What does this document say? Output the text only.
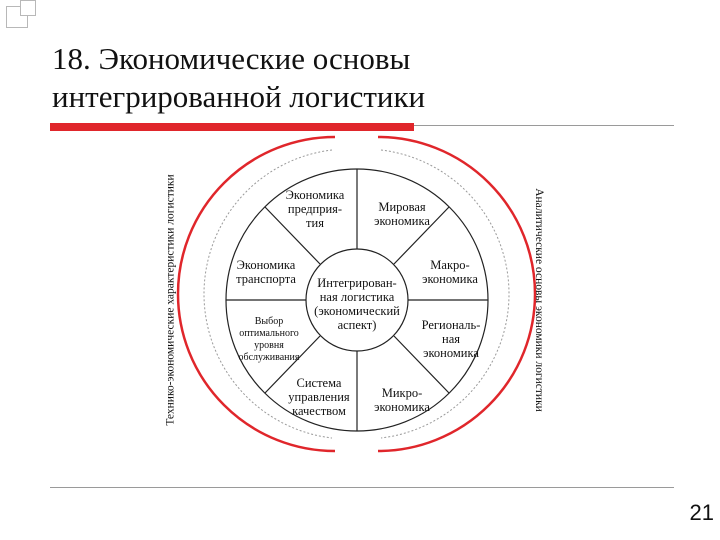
18. Экономические основы
интегрированной логистики
Технико-экономические характеристики логистики	Аналитические основы экономики логистики
Интегрирован-
ная логистика
(экономический
аспект)
Экономика
предприя-
тия
Мировая
экономика
Экономика
транспорта
Макро-
экономика
Выбор
оптимального
уровня
обслуживания
Региональ-
ная
экономика
Система
управления
качеством
Микро-
экономика
21
